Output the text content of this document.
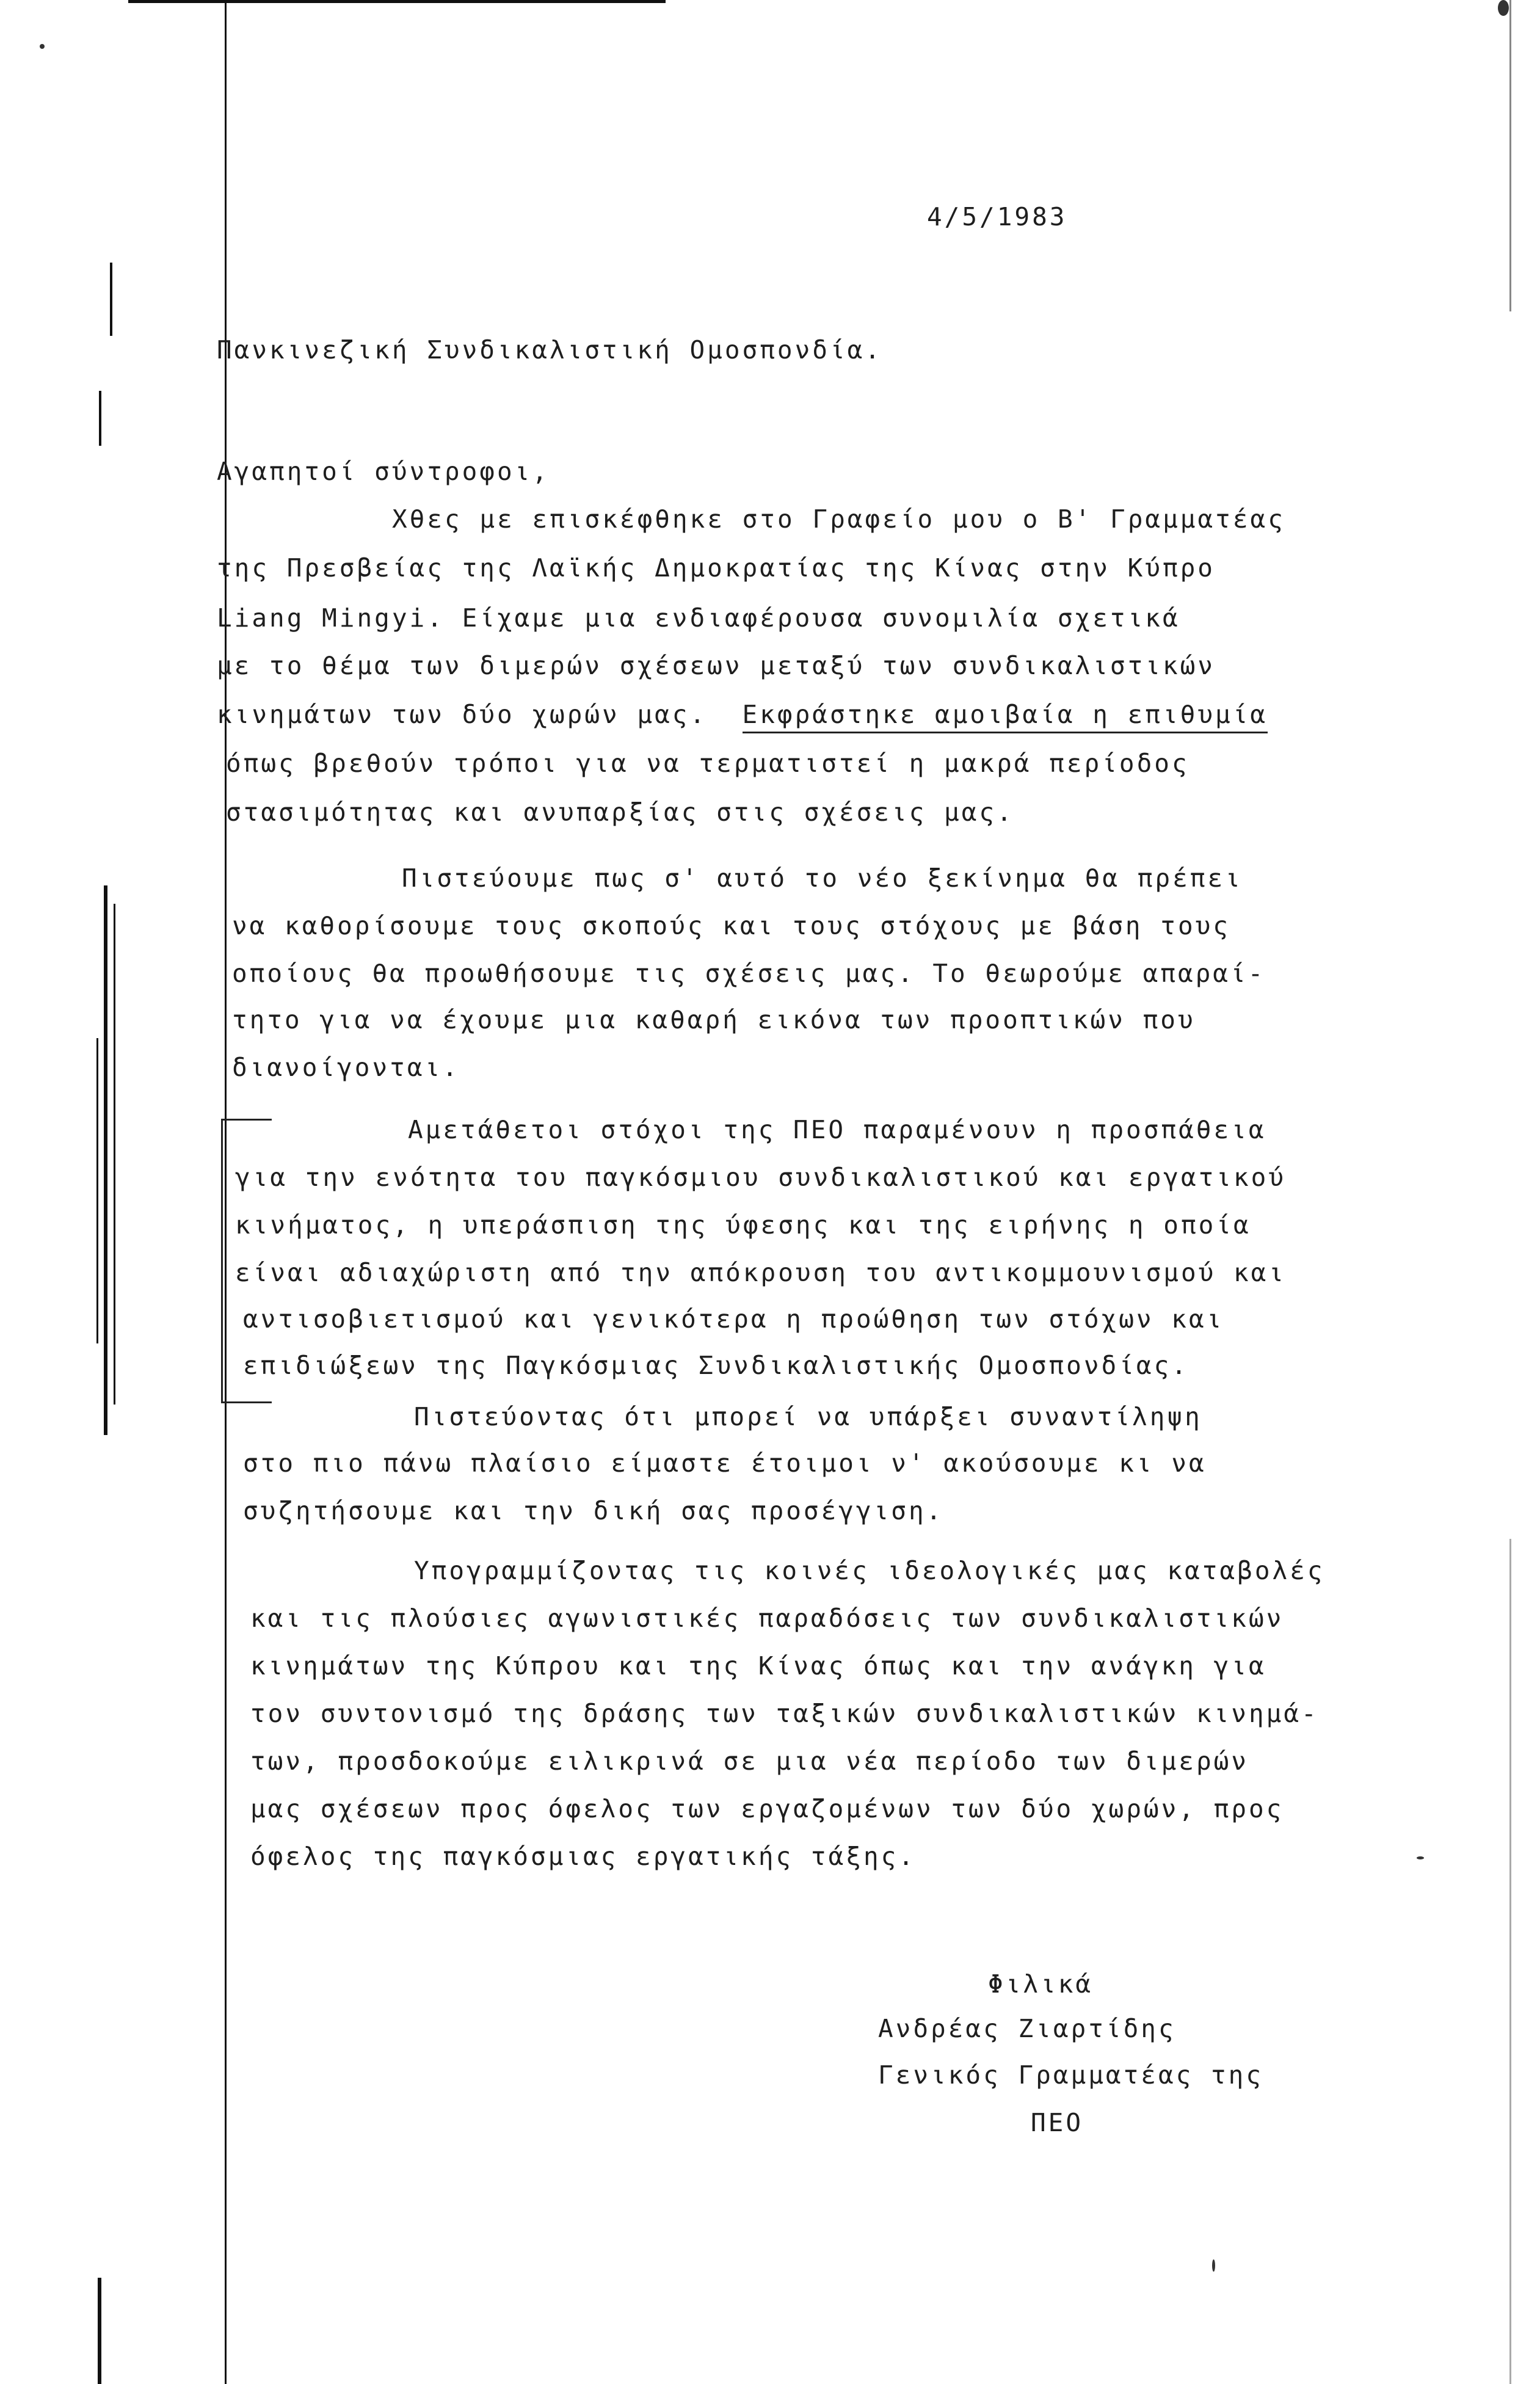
4/5/1983
Πανκινεζική Συνδικαλιστική Ομοσπονδία.
Αγαπητοί σύντροφοι,
Χθες με επισκέφθηκε στο Γραφείο μου ο Β' Γραμματέας
της Πρεσβείας της Λαϊκής Δημοκρατίας της Κίνας στην Κύπρο
Liang Mingyi. Είχαμε μια ενδιαφέρουσα συνομιλία σχετικά
με το θέμα των διμερών σχέσεων μεταξύ των συνδικαλιστικών
κινημάτων των δύο χωρών μας. Εκφράστηκε αμοιβαία η επιθυμία
όπως βρεθούν τρόποι για να τερματιστεί η μακρά περίοδος
στασιμότητας και ανυπαρξίας στις σχέσεις μας.
Πιστεύουμε πως σ' αυτό το νέο ξεκίνημα θα πρέπει
να καθορίσουμε τους σκοπούς και τους στόχους με βάση τους
οποίους θα προωθήσουμε τις σχέσεις μας. Το θεωρούμε απαραί-
τητο για να έχουμε μια καθαρή εικόνα των προοπτικών που
διανοίγονται.
Αμετάθετοι στόχοι της ΠΕΟ παραμένουν η προσπάθεια
για την ενότητα του παγκόσμιου συνδικαλιστικού και εργατικού
κινήματος, η υπεράσπιση της ύφεσης και της ειρήνης η οποία
είναι αδιαχώριστη από την απόκρουση του αντικομμουνισμού και
αντισοβιετισμού και γενικότερα η προώθηση των στόχων και
επιδιώξεων της Παγκόσμιας Συνδικαλιστικής Ομοσπονδίας.
Πιστεύοντας ότι μπορεί να υπάρξει συναντίληψη
στο πιο πάνω πλαίσιο είμαστε έτοιμοι ν' ακούσουμε κι να
συζητήσουμε και την δική σας προσέγγιση.
Υπογραμμίζοντας τις κοινές ιδεολογικές μας καταβολές
και τις πλούσιες αγωνιστικές παραδόσεις των συνδικαλιστικών
κινημάτων της Κύπρου και της Κίνας όπως και την ανάγκη για
τον συντονισμό της δράσης των ταξικών συνδικαλιστικών κινημά-
των, προσδοκούμε ειλικρινά σε μια νέα περίοδο των διμερών
μας σχέσεων προς όφελος των εργαζομένων των δύο χωρών, προς
όφελος της παγκόσμιας εργατικής τάξης.
Φιλικά
Ανδρέας Ζιαρτίδης
Γενικός Γραμματέας της
ΠΕΟ
